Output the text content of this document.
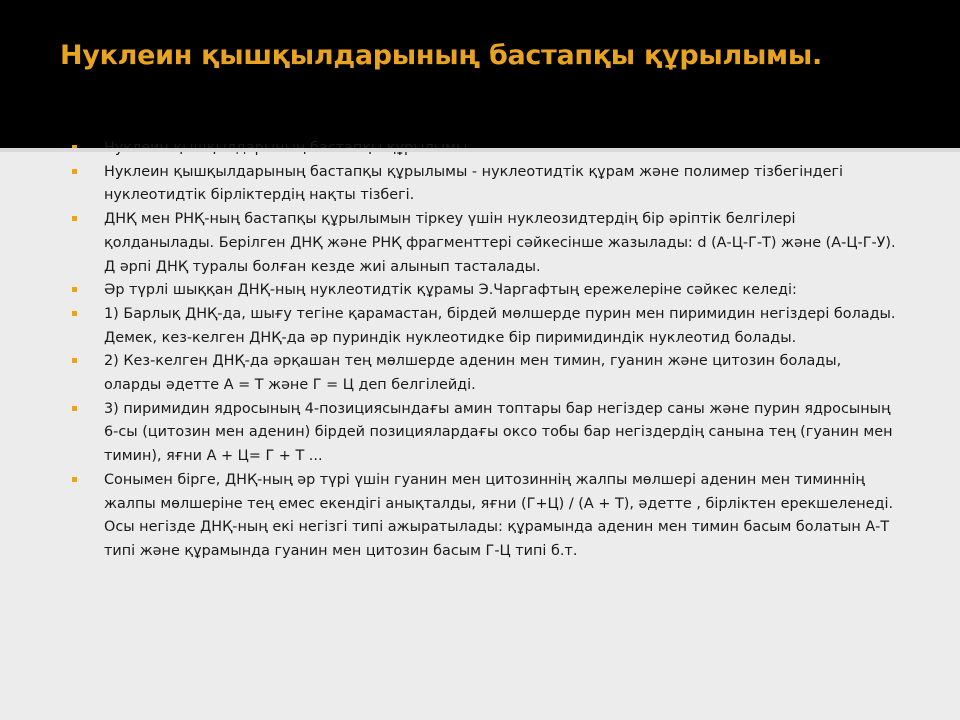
Нуклеин қышқылдарының бастапқы құрылымы.
Нуклеин қышқылдарының бастапқы құрылымы - нуклеотидтік құрам және полимер тізбегіндегі нуклеотидтік бірліктердің нақты тізбегі.
ДНҚ мен РНҚ-ның бастапқы құрылымын тіркеу үшін нуклеозидтердің бір әріптік белгілері қолданылады. Берілген ДНҚ және РНҚ фрагменттері сәйкесінше жазылады: d (А-Ц-Г-Т) және (А-Ц-Г-У). Д әрпі ДНҚ туралы болған кезде жиі алынып тасталады.
Әр түрлі шыққан ДНҚ-ның нуклеотидтік құрамы Э.Чаргафтың ережелеріне сәйкес келеді:
1) Барлық ДНҚ-да, шығу тегіне қарамастан, бірдей мөлшерде пурин мен пиримидин негіздері болады. Демек, кез-келген ДНҚ-да әр пуриндік нуклеотидке бір пиримидиндік нуклеотид болады.
2) Кез-келген ДНҚ-да әрқашан тең мөлшерде аденин мен тимин, гуанин және цитозин болады, оларды әдетте A = T және Г = Ц деп белгілейді.
3) пиримидин ядросының 4-позициясындағы амин топтары бар негіздер саны және пурин ядросының 6-сы (цитозин мен аденин) бірдей позициялардағы оксо тобы бар негіздердің санына тең (гуанин мен тимин), яғни А + Ц= Г + Т ...
Сонымен бірге, ДНҚ-ның әр түрі үшін гуанин мен цитозиннің жалпы мөлшері аденин мен тиминнің жалпы мөлшеріне тең емес екендігі анықталды, яғни (Г+Ц) / (А + Т), әдетте , бірліктен ерекшеленеді. Осы негізде ДНҚ-ның екі негізгі типі ажыратылады: құрамында аденин мен тимин басым болатын А-Т типі және құрамында гуанин мен цитозин басым Г-Ц типі б.т.
